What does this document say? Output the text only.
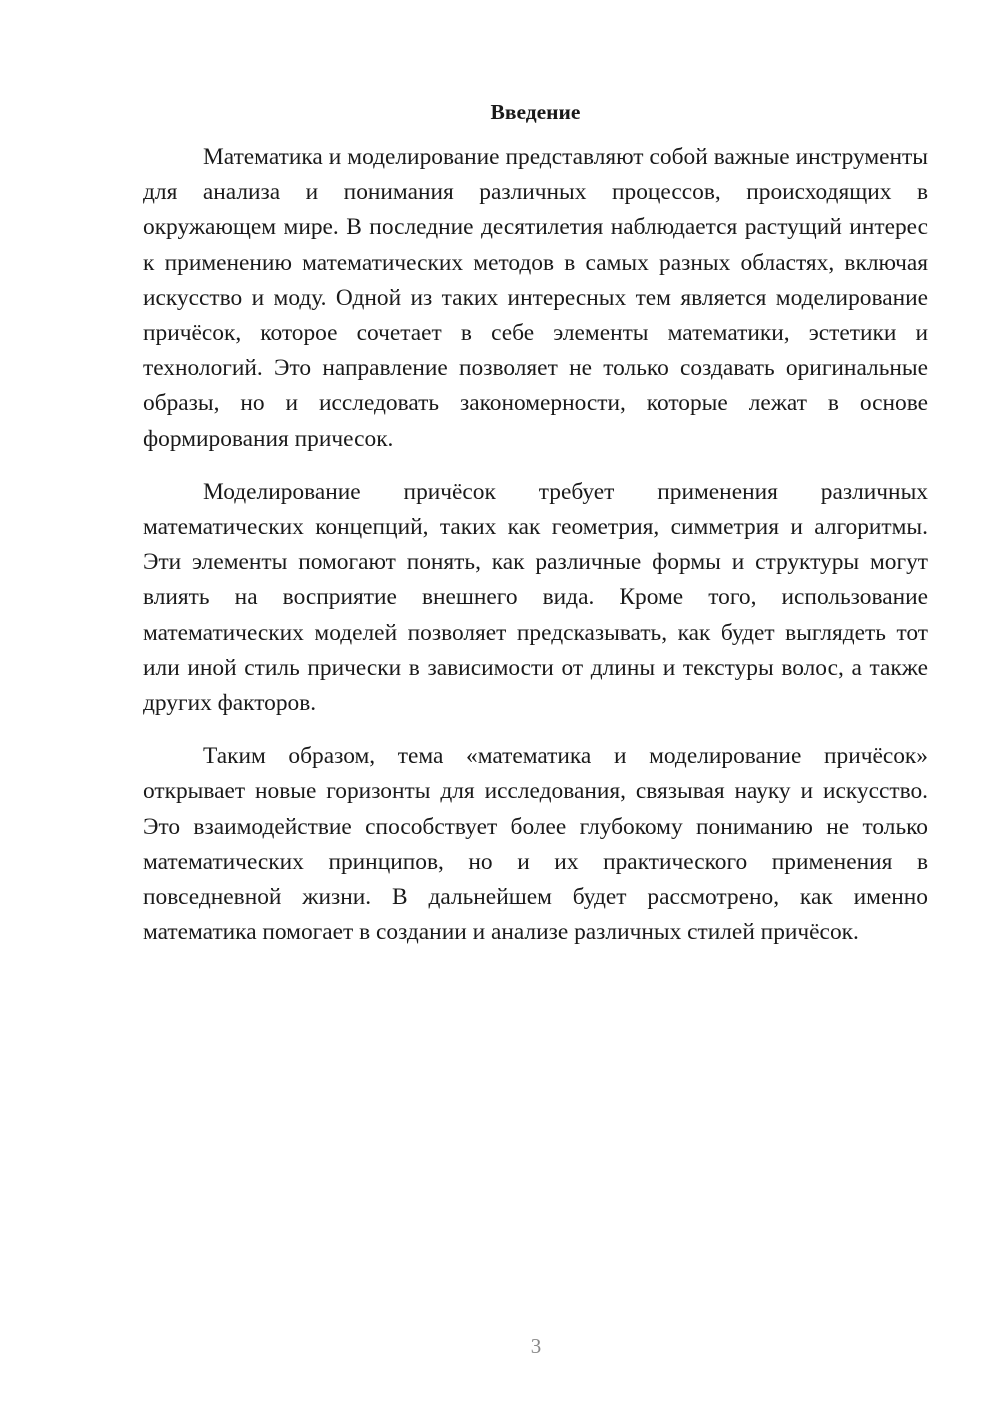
Введение

Математика и моделирование представляют собой важные инструменты для анализа и понимания различных процессов, происходящих в окружающем мире. В последние десятилетия наблюдается растущий интерес к применению математических методов в самых разных областях, включая искусство и моду. Одной из таких интересных тем является моделирование причёсок, которое сочетает в себе элементы математики, эстетики и технологий. Это направление позволяет не только создавать оригинальные образы, но и исследовать закономерности, которые лежат в основе формирования причесок.

Моделирование причёсок требует применения различных математических концепций, таких как геометрия, симметрия и алгоритмы. Эти элементы помогают понять, как различные формы и структуры могут влиять на восприятие внешнего вида. Кроме того, использование математических моделей позволяет предсказывать, как будет выглядеть тот или иной стиль прически в зависимости от длины и текстуры волос, а также других факторов.

Таким образом, тема «математика и моделирование причёсок» открывает новые горизонты для исследования, связывая науку и искусство. Это взаимодействие способствует более глубокому пониманию не только математических принципов, но и их практического применения в повседневной жизни. В дальнейшем будет рассмотрено, как именно математика помогает в создании и анализе различных стилей причёсок.

3
